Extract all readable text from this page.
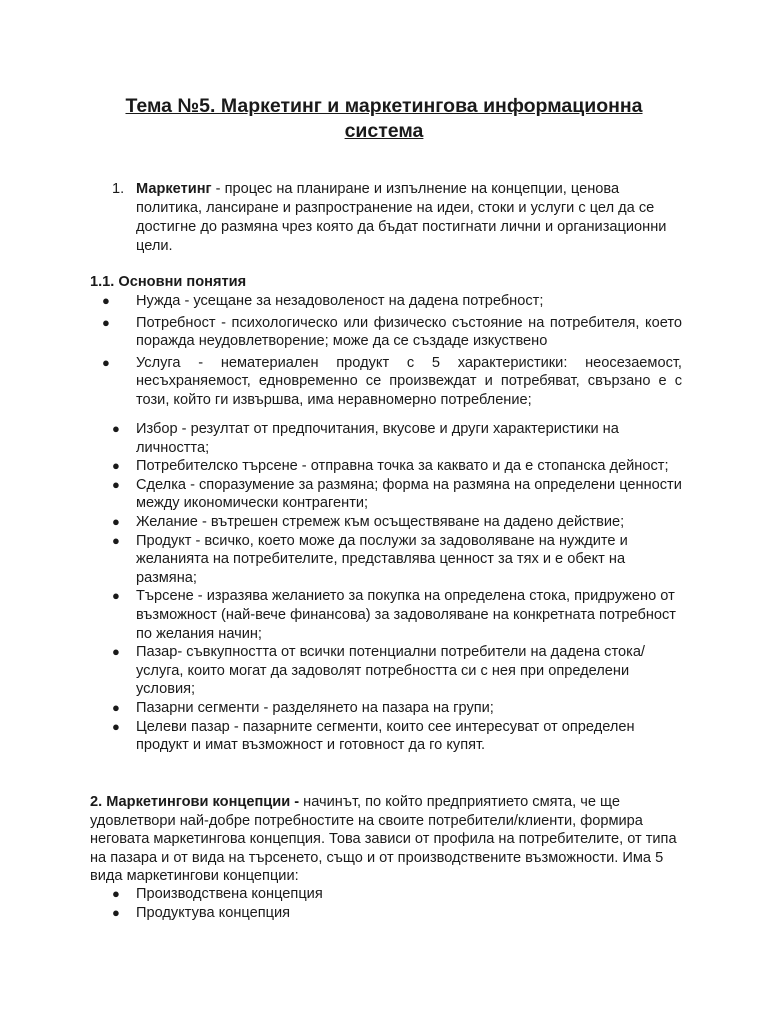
Тема №5. Маркетинг и маркетингова информационна система
1. Маркетинг - процес на планиране и изпълнение на концепции, ценова политика, лансиране и разпространение на идеи, стоки и услуги с цел да се достигне до размяна чрез която да бъдат постигнати лични и организационни цели.
1.1. Основни понятия
● Нужда - усещане за незадоволеност на дадена потребност;
● Потребност - психологическо или физическо състояние на потребителя, което поражда неудовлетворение; може да се създаде изкуствено
● Услуга - нематериален продукт с 5 характеристики: неосезаемост, несъхраняемост, едновременно се произвеждат и потребяват, свързано е с този, който ги извършва, има неравномерно потребление;
● Избор - резултат от предпочитания, вкусове и други характеристики на личността;
● Потребителско търсене - отправна точка за каквато и да е стопанска дейност;
● Сделка - споразумение за размяна; форма на размяна на определени ценности между икономически контрагенти;
● Желание - вътрешен стремеж към осъществяване на дадено действие;
● Продукт - всичко, което може да послужи за задоволяване на нуждите и желанията на потребителите, представлява ценност за тях и е обект на размяна;
● Търсене - изразява желанието за покупка на определена стока, придружено от възможност (най-вече финансова) за задоволяване на конкретната потребност по желания начин;
● Пазар- съвкупността от всички потенциални потребители на дадена стока/услуга, които могат да задоволят потребността си с нея при определени условия;
● Пазарни сегменти - разделянето на пазара на групи;
● Целеви пазар - пазарните сегменти, които сее интересуват от определен продукт и имат възможност и готовност да го купят.
2. Маркетингови концепции - начинът, по който предприятието смята, че ще удовлетвори най-добре потребностите на своите потребители/клиенти, формира неговата маркетингова концепция. Това зависи от профила на потребителите, от типа на пазара и от вида на търсенето, също и от производствените възможности. Има 5 вида маркетингови концепции:
● Производствена концепция
● Продуктува концепция
